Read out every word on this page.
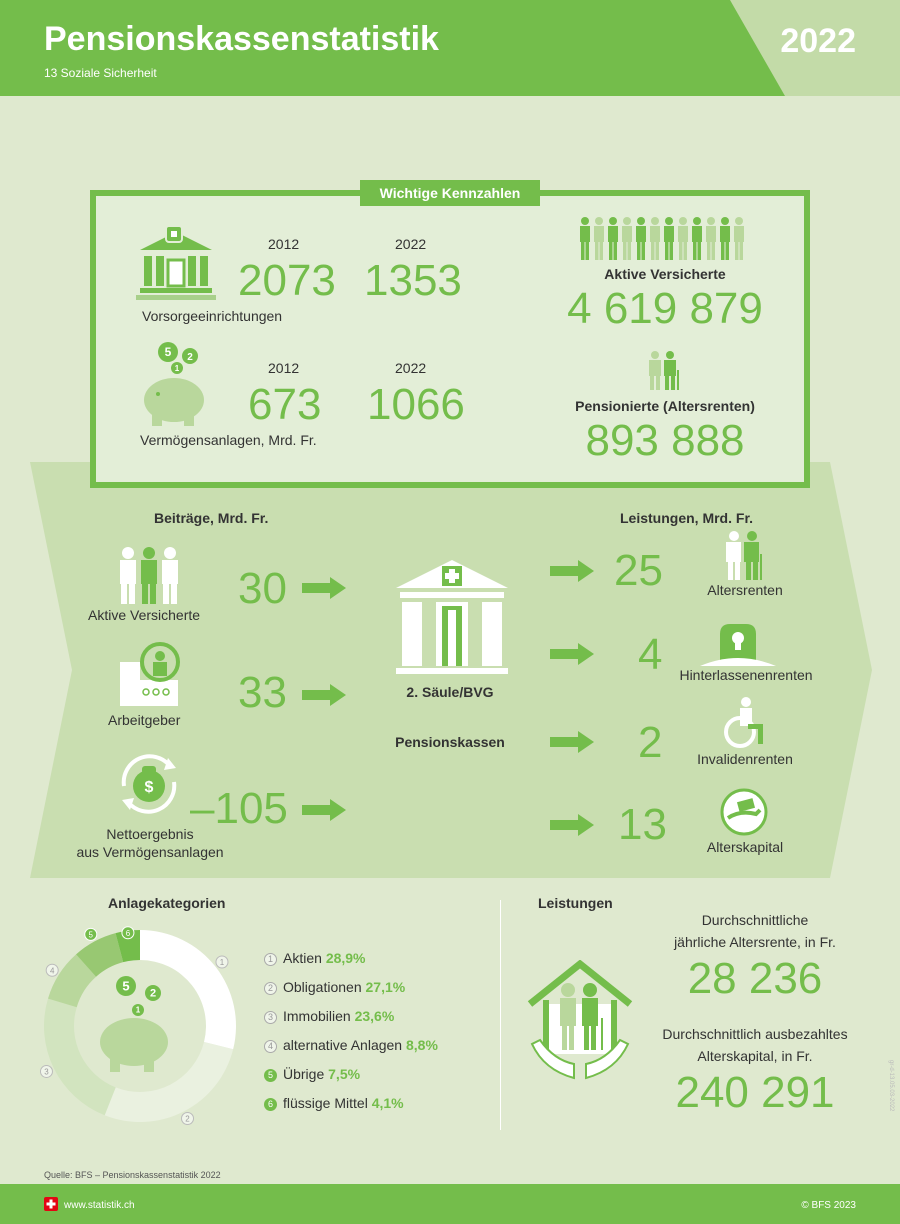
Pensionskassenstatistik
13 Soziale Sicherheit
2022
Wichtige Kennzahlen
2012	2022
2073 1353
Vorsorgeeinrichtungen
5 2
1	2012	2022
673 1066
Vermögensanlagen, Mrd. Fr.
Aktive Versicherte
4 619 879
Pensionierte (Altersrenten)
893 888
Beiträge, Mrd. Fr.	Leistungen, Mrd. Fr.
Aktive Versicherte
30
Arbeitgeber
33
$
Nettoergebnis
aus Vermögensanlagen
–105
2. Säule/BVG
Pensionskassen
25	Altersrenten
4	Hinterlassenenrenten
2	Invalidenrenten
13	Alterskapital
Anlagekategorien
1
2
3
4
5	6
5
2
1
1 Aktien 28,9%
2 Obligationen 27,1%
3 Immobilien 23,6%
4 alternative Anlagen 8,8%
5 Übrige 7,5%
6 flüssige Mittel 4,1%
Leistungen
Durchschnittliche
jährliche Altersrente, in Fr.
28 236
Durchschnittlich ausbezahltes
Alterskapital, in Fr.
240 291	gr-d-13.05.03-2022
Quelle: BFS – Pensionskassenstatistik 2022
www.statistik.ch	© BFS 2023
